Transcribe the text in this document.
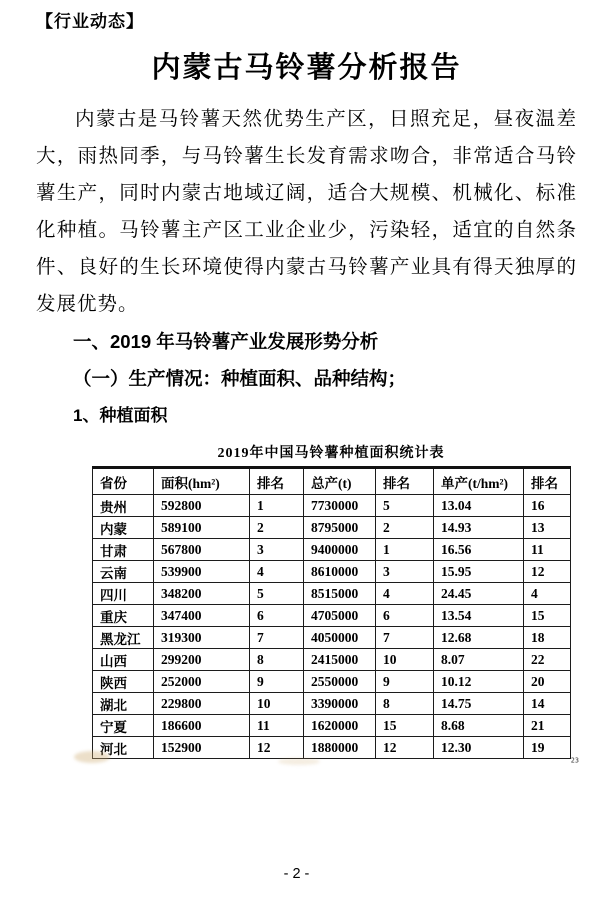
【行业动态】
内蒙古马铃薯分析报告

内蒙古是马铃薯天然优势生产区，日照充足，昼夜温差大，雨热同季，与马铃薯生长发育需求吻合，非常适合马铃薯生产，同时内蒙古地域辽阔，适合大规模、机械化、标准化种植。马铃薯主产区工业企业少，污染轻，适宜的自然条件、良好的生长环境使得内蒙古马铃薯产业具有得天独厚的发展优势。

一、2019 年马铃薯产业发展形势分析
（一）生产情况：种植面积、品种结构；
1、种植面积
2019年中国马铃薯种植面积统计表
省份	面积(hm²)	排名	总产(t)	排名	单产(t/hm²)	排名
贵州	592800	1	7730000	5	13.04	16
内蒙	589100	2	8795000	2	14.93	13
甘肃	567800	3	9400000	1	16.56	11
云南	539900	4	8610000	3	15.95	12
四川	348200	5	8515000	4	24.45	4
重庆	347400	6	4705000	6	13.54	15
黑龙江	319300	7	4050000	7	12.68	18
山西	299200	8	2415000	10	8.07	22
陕西	252000	9	2550000	9	10.12	20
湖北	229800	10	3390000	8	14.75	14
宁夏	186600	11	1620000	15	8.68	21
河北	152900	12	1880000	12	12.30	19
23
- 2 -
